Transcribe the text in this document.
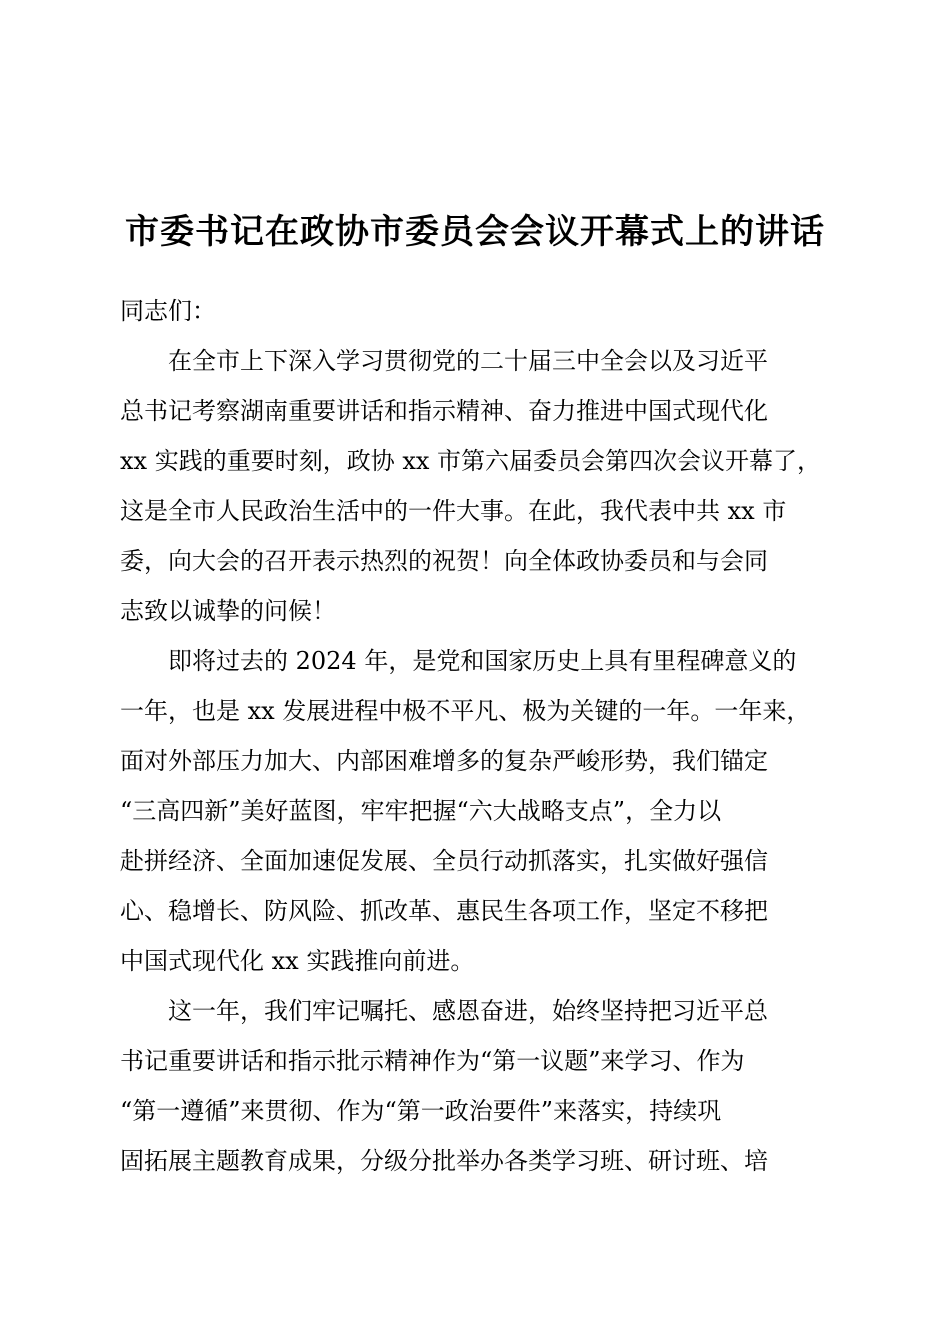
市委书记在政协市委员会会议开幕式上的讲话

同志们：

在全市上下深入学习贯彻党的二十届三中全会以及习近平
总书记考察湖南重要讲话和指示精神、奋力推进中国式现代化
xx 实践的重要时刻，政协 xx 市第六届委员会第四次会议开幕了，
这是全市人民政治生活中的一件大事。在此，我代表中共 xx 市
委，向大会的召开表示热烈的祝贺！向全体政协委员和与会同
志致以诚挚的问候！

即将过去的 2024 年，是党和国家历史上具有里程碑意义的
一年，也是 xx 发展进程中极不平凡、极为关键的一年。一年来，
面对外部压力加大、内部困难增多的复杂严峻形势，我们锚定
“三高四新”美好蓝图，牢牢把握“六大战略支点”，全力以
赴拼经济、全面加速促发展、全员行动抓落实，扎实做好强信
心、稳增长、防风险、抓改革、惠民生各项工作，坚定不移把
中国式现代化 xx 实践推向前进。

这一年，我们牢记嘱托、感恩奋进，始终坚持把习近平总
书记重要讲话和指示批示精神作为“第一议题”来学习、作为
“第一遵循”来贯彻、作为“第一政治要件”来落实，持续巩
固拓展主题教育成果，分级分批举办各类学习班、研讨班、培
